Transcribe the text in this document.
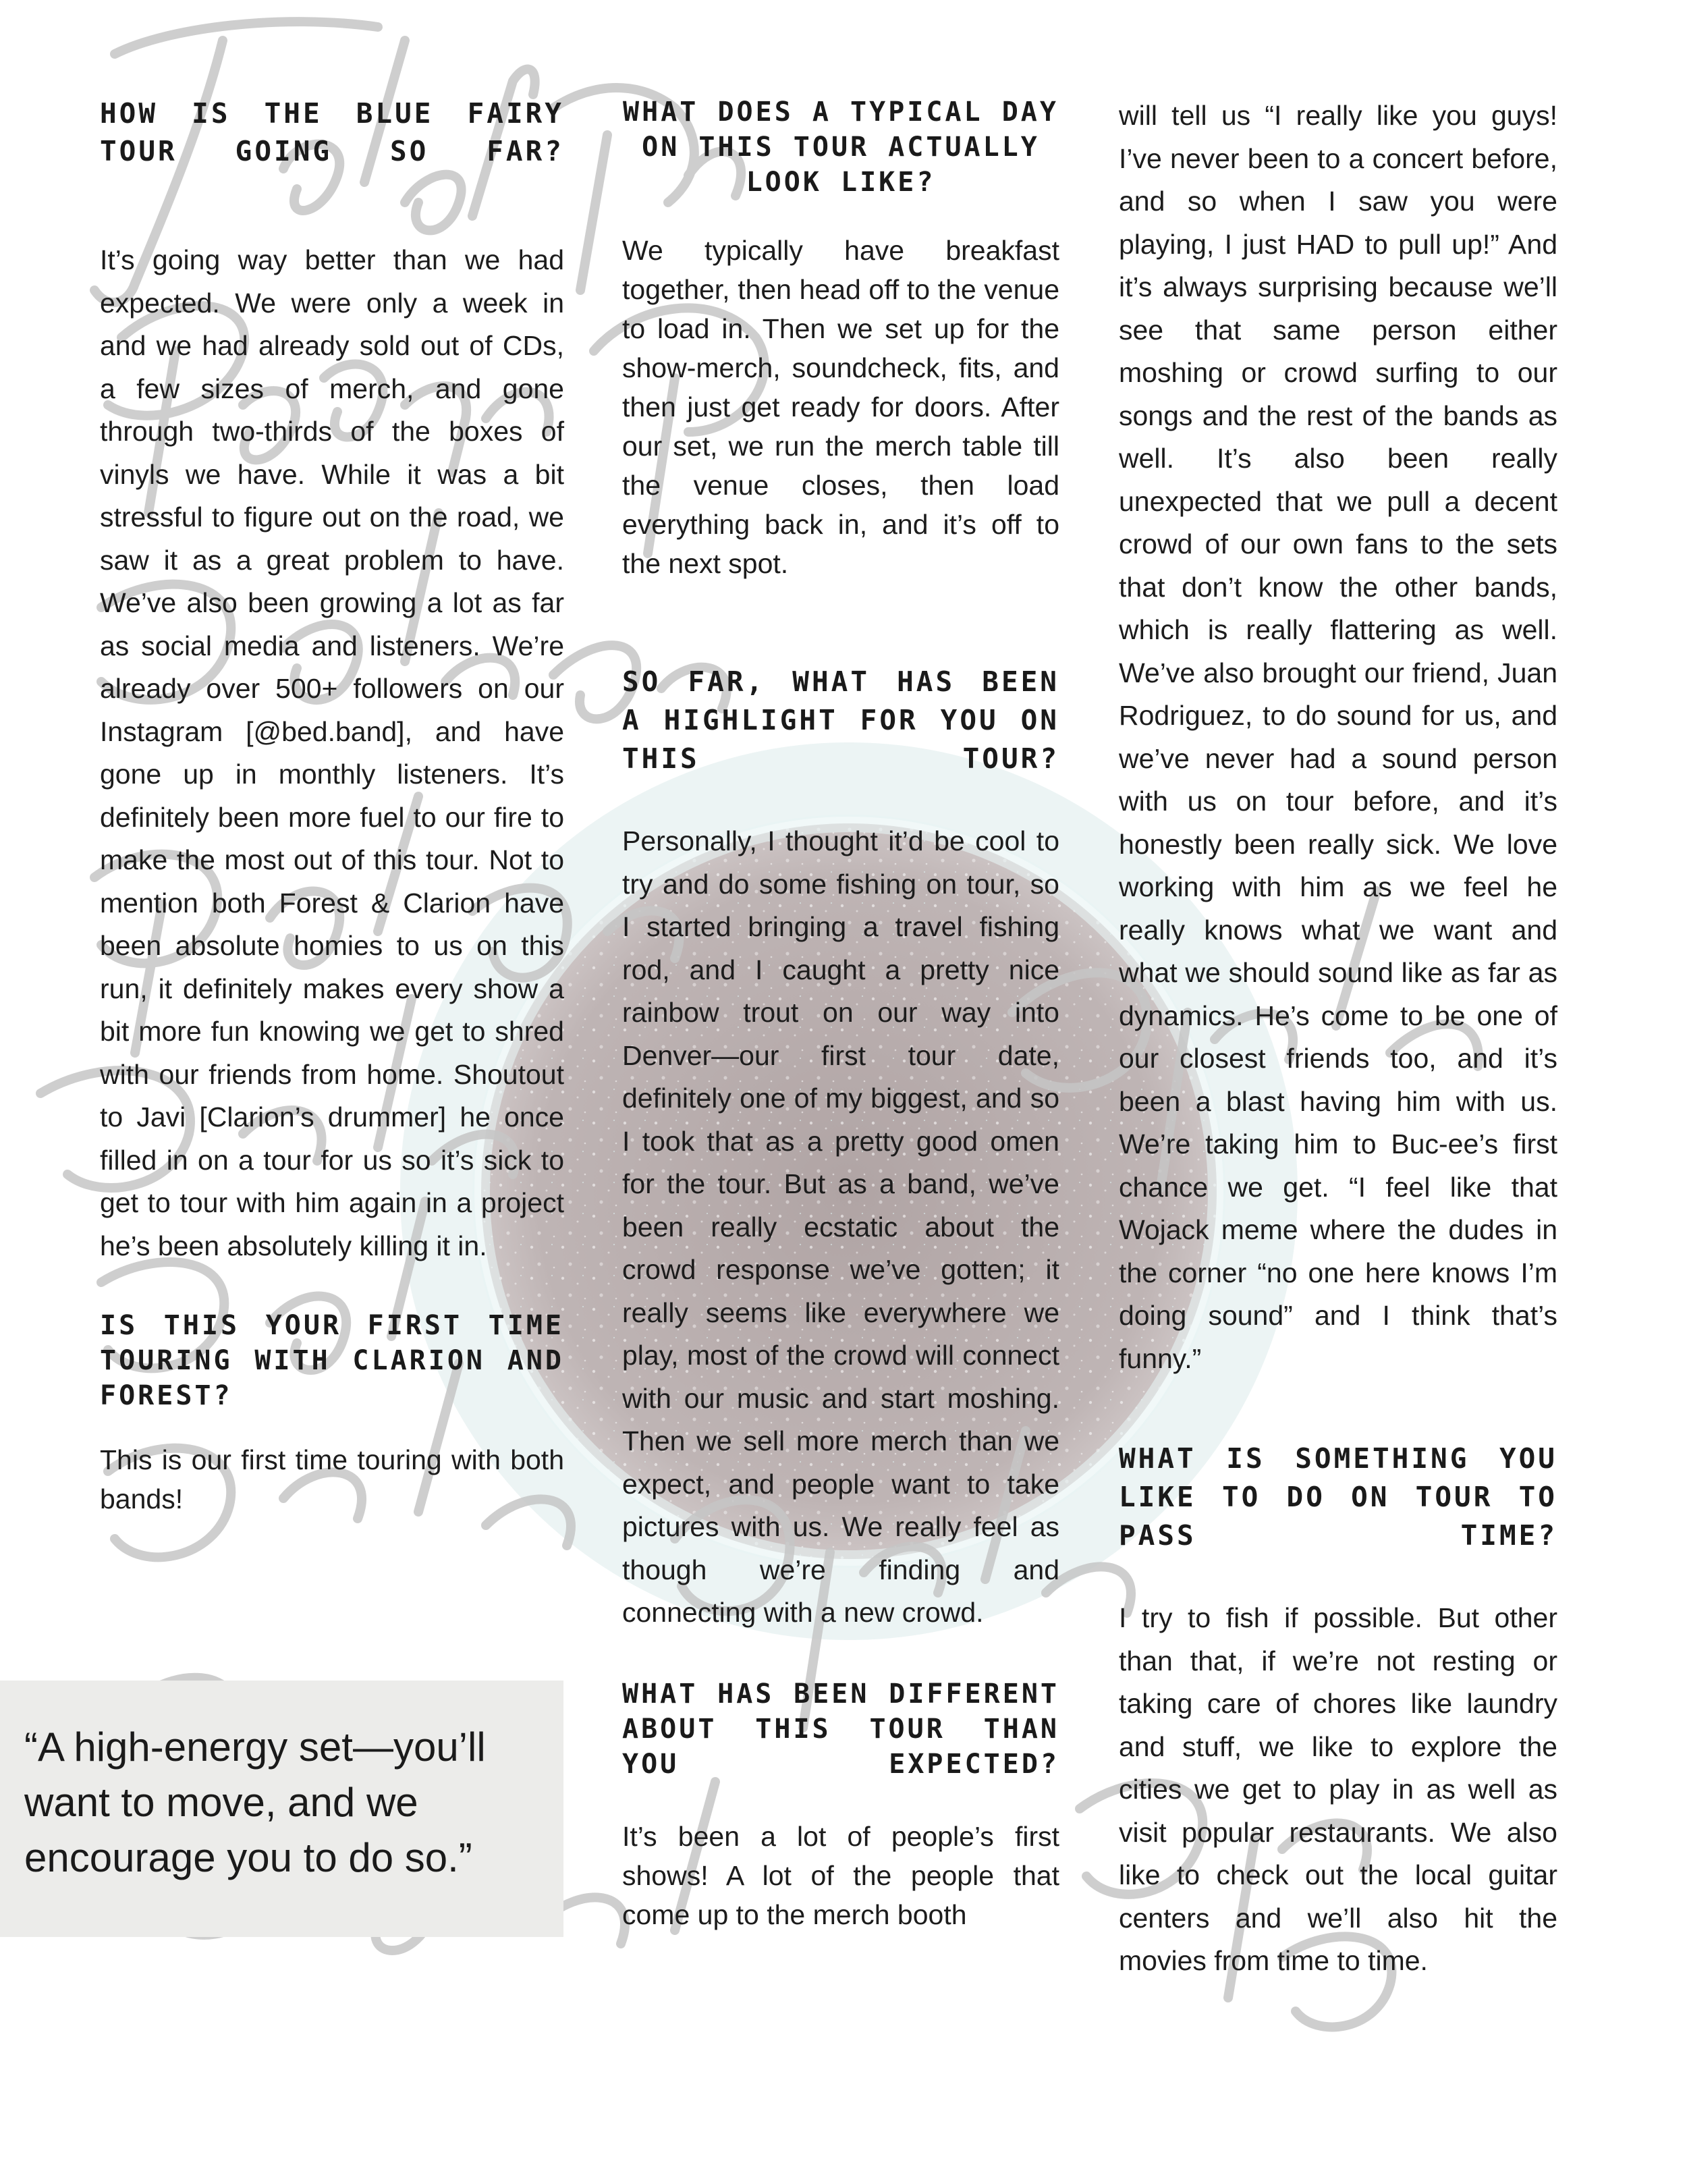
HOW IS THE BLUE FAIRY TOUR GOING SO FAR?

It’s going way better than we had expected. We were only a week in and we had already sold out of CDs, a few sizes of merch, and gone through two-thirds of the boxes of vinyls we have. While it was a bit stressful to figure out on the road, we saw it as a great problem to have. We’ve also been growing a lot as far as social media and listeners. We’re already over 500+ followers on our Instagram [@bed.band], and have gone up in monthly listeners. It’s definitely been more fuel to our fire to make the most out of this tour. Not to mention both Forest & Clarion have been absolute homies to us on this run, it definitely makes every show a bit more fun knowing we get to shred with our friends from home. Shoutout to Javi [Clarion’s drummer] he once filled in on a tour for us so it’s sick to get to tour with him again in a project he’s been absolutely killing it in.

IS THIS YOUR FIRST TIME TOURING WITH CLARION AND FOREST?

This is our first time touring with both bands!

“A high-energy set—you’ll want to move, and we encourage you to do so.”

WHAT DOES A TYPICAL DAY ON THIS TOUR ACTUALLY LOOK LIKE?

We typically have breakfast together, then head off to the venue to load in. Then we set up for the show-merch, soundcheck, fits, and then just get ready for doors. After our set, we run the merch table till the venue closes, then load everything back in, and it’s off to the next spot.

SO FAR, WHAT HAS BEEN A HIGHLIGHT FOR YOU ON THIS TOUR?

Personally, I thought it’d be cool to try and do some fishing on tour, so I started bringing a travel fishing rod, and I caught a pretty nice rainbow trout on our way into Denver—our first tour date, definitely one of my biggest, and so I took that as a pretty good omen for the tour. But as a band, we’ve been really ecstatic about the crowd response we’ve gotten; it really seems like everywhere we play, most of the crowd will connect with our music and start moshing. Then we sell more merch than we expect, and people want to take pictures with us. We really feel as though we’re finding and connecting with a new crowd.

WHAT HAS BEEN DIFFERENT ABOUT THIS TOUR THAN YOU EXPECTED?

It’s been a lot of people’s first shows! A lot of the people that come up to the merch booth

will tell us “I really like you guys! I’ve never been to a concert before, and so when I saw you were playing, I just HAD to pull up!” And it’s always surprising because we’ll see that same person either moshing or crowd surfing to our songs and the rest of the bands as well. It’s also been really unexpected that we pull a decent crowd of our own fans to the sets that don’t know the other bands, which is really flattering as well. We’ve also brought our friend, Juan Rodriguez, to do sound for us, and we’ve never had a sound person with us on tour before, and it’s honestly been really sick. We love working with him as we feel he really knows what we want and what we should sound like as far as dynamics. He’s come to be one of our closest friends too, and it’s been a blast having him with us. We’re taking him to Buc-ee’s first chance we get. “I feel like that Wojack meme where the dudes in the corner “no one here knows I’m doing sound” and I think that’s funny.”

WHAT IS SOMETHING YOU LIKE TO DO ON TOUR TO PASS TIME?

I try to fish if possible. But other than that, if we’re not resting or taking care of chores like laundry and stuff, we like to explore the cities we get to play in as well as visit popular restaurants. We also like to check out the local guitar centers and we’ll also hit the movies from time to time.
